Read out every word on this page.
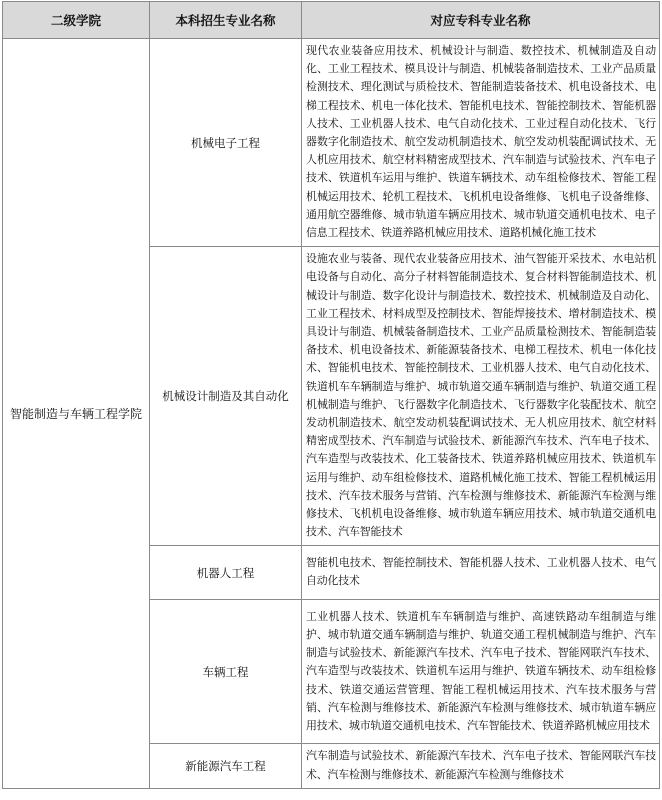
二级学院	本科招生专业名称	对应专科专业名称
智能制造与车辆工程学院	机械电子工程	现代农业装备应用技术、机械设计与制造、数控技术、机械制造及自动化、工业工程技术、模具设计与制造、机械装备制造技术、工业产品质量检测技术、理化测试与质检技术、智能制造装备技术、机电设备技术、电梯工程技术、机电一体化技术、智能机电技术、智能控制技术、智能机器人技术、工业机器人技术、电气自动化技术、工业过程自动化技术、飞行器数字化制造技术、航空发动机制造技术、航空发动机装配调试技术、无人机应用技术、航空材料精密成型技术、汽车制造与试验技术、汽车电子技术、铁道机车运用与维护、铁道车辆技术、动车组检修技术、智能工程机械运用技术、轮机工程技术、飞机机电设备维修、飞机电子设备维修、通用航空器维修、城市轨道车辆应用技术、城市轨道交通机电技术、电子信息工程技术、铁道养路机械应用技术、道路机械化施工技术
	机械设计制造及其自动化	设施农业与装备、现代农业装备应用技术、油气智能开采技术、水电站机电设备与自动化、高分子材料智能制造技术、复合材料智能制造技术、机械设计与制造、数字化设计与制造技术、数控技术、机械制造及自动化、工业工程技术、材料成型及控制技术、智能焊接技术、增材制造技术、模具设计与制造、机械装备制造技术、工业产品质量检测技术、智能制造装备技术、机电设备技术、新能源装备技术、电梯工程技术、机电一体化技术、智能机电技术、智能控制技术、工业机器人技术、电气自动化技术、铁道机车车辆制造与维护、城市轨道交通车辆制造与维护、轨道交通工程机械制造与维护、飞行器数字化制造技术、飞行器数字化装配技术、航空发动机制造技术、航空发动机装配调试技术、无人机应用技术、航空材料精密成型技术、汽车制造与试验技术、新能源汽车技术、汽车电子技术、汽车造型与改装技术、化工装备技术、铁道养路机械应用技术、铁道机车运用与维护、动车组检修技术、道路机械化施工技术、智能工程机械运用技术、汽车技术服务与营销、汽车检测与维修技术、新能源汽车检测与维修技术、飞机机电设备维修、城市轨道车辆应用技术、城市轨道交通机电技术、汽车智能技术
	机器人工程	智能机电技术、智能控制技术、智能机器人技术、工业机器人技术、电气自动化技术
	车辆工程	工业机器人技术、铁道机车车辆制造与维护、高速铁路动车组制造与维护、城市轨道交通车辆制造与维护、轨道交通工程机械制造与维护、汽车制造与试验技术、新能源汽车技术、汽车电子技术、智能网联汽车技术、汽车造型与改装技术、铁道机车运用与维护、铁道车辆技术、动车组检修技术、铁道交通运营管理、智能工程机械运用技术、汽车技术服务与营销、汽车检测与维修技术、新能源汽车检测与维修技术、城市轨道车辆应用技术、城市轨道交通机电技术、汽车智能技术、铁道养路机械应用技术
	新能源汽车工程	汽车制造与试验技术、新能源汽车技术、汽车电子技术、智能网联汽车技术、汽车检测与维修技术、新能源汽车检测与维修技术
